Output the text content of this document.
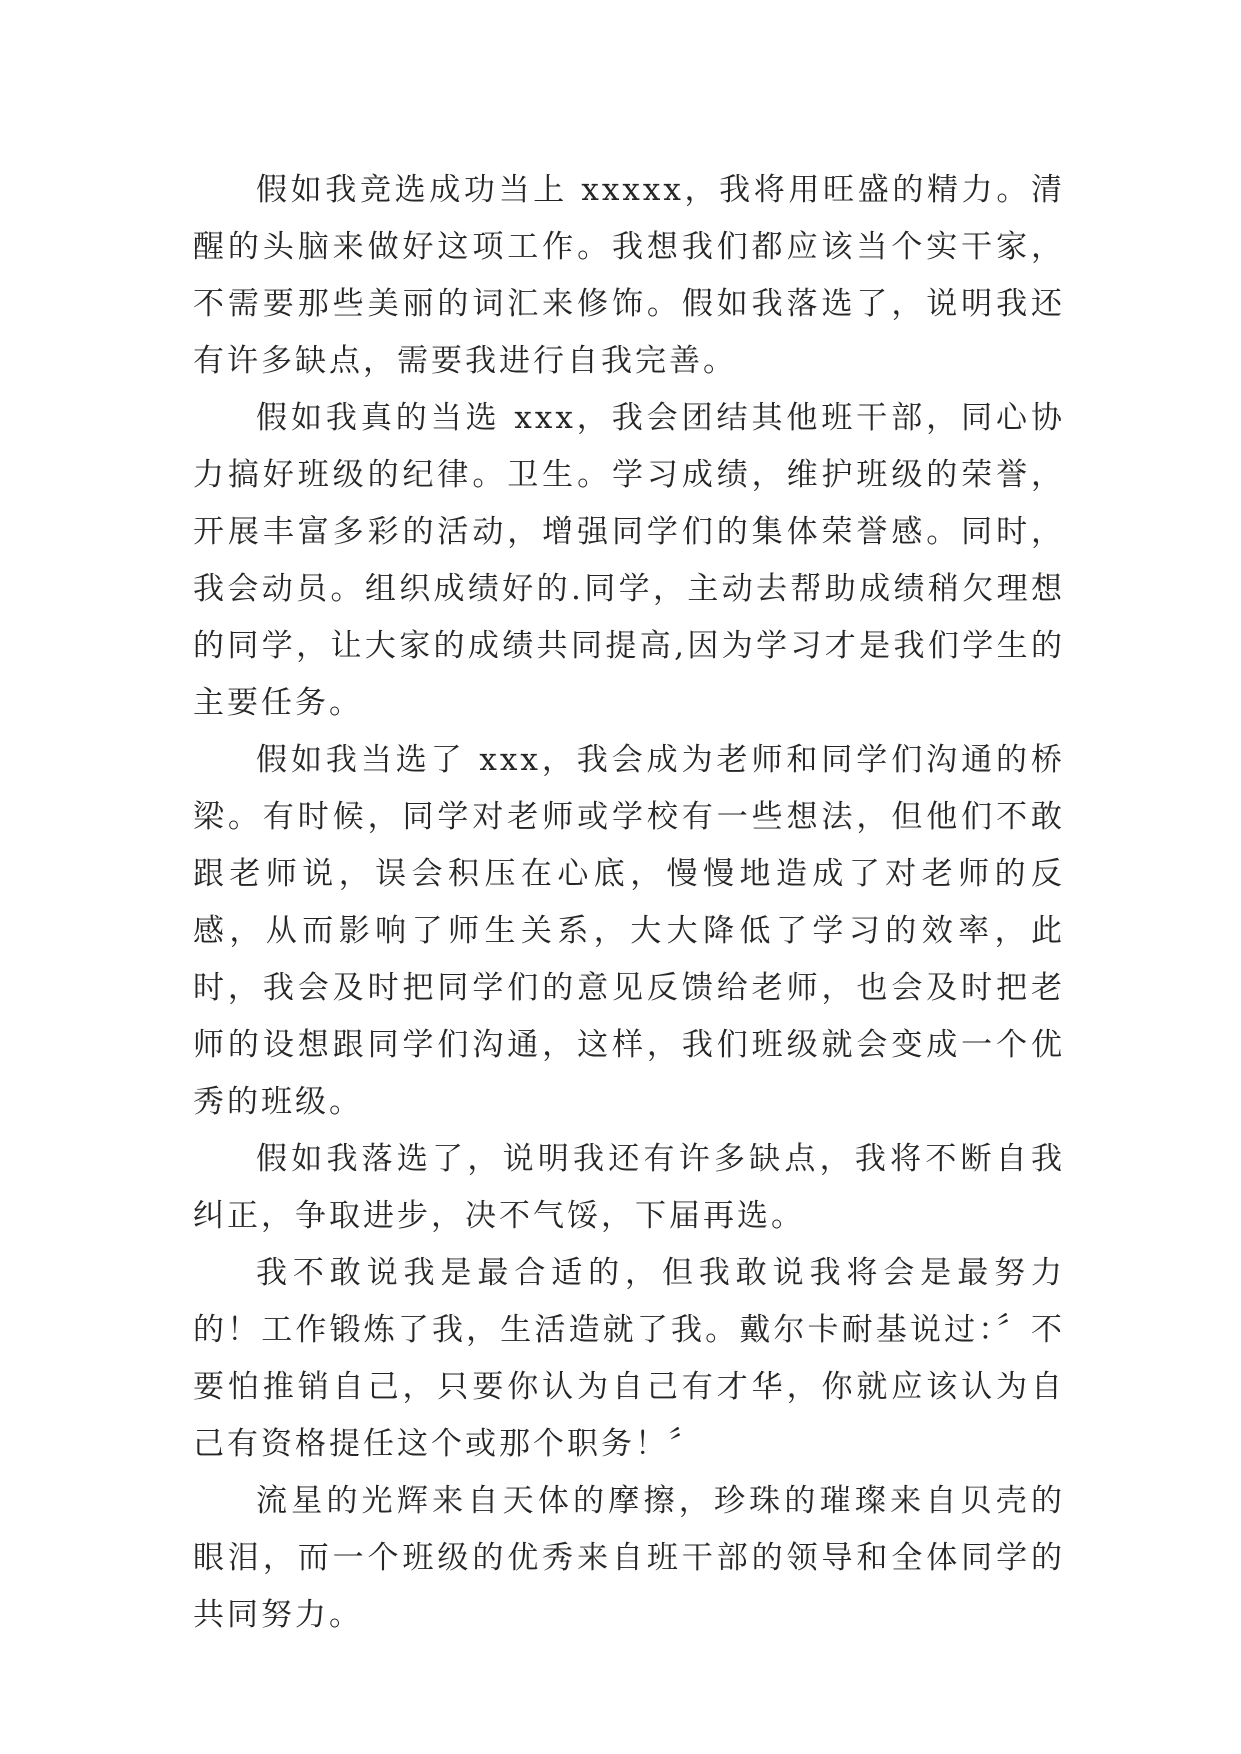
假如我竞选成功当上 xxxxx，我将用旺盛的精力。清醒的头脑来做好这项工作。我想我们都应该当个实干家，不需要那些美丽的词汇来修饰。假如我落选了，说明我还有许多缺点，需要我进行自我完善。

假如我真的当选 xxx，我会团结其他班干部，同心协力搞好班级的纪律。卫生。学习成绩，维护班级的荣誉，开展丰富多彩的活动，增强同学们的集体荣誉感。同时，我会动员。组织成绩好的.同学，主动去帮助成绩稍欠理想的同学，让大家的成绩共同提高,因为学习才是我们学生的主要任务。

假如我当选了 xxx，我会成为老师和同学们沟通的桥梁。有时候，同学对老师或学校有一些想法，但他们不敢跟老师说，误会积压在心底，慢慢地造成了对老师的反感，从而影响了师生关系，大大降低了学习的效率，此时，我会及时把同学们的意见反馈给老师，也会及时把老师的设想跟同学们沟通，这样，我们班级就会变成一个优秀的班级。

假如我落选了，说明我还有许多缺点，我将不断自我纠正，争取进步，决不气馁，下届再选。

我不敢说我是最合适的，但我敢说我将会是最努力的！工作锻炼了我，生活造就了我。戴尔卡耐基说过：〞不要怕推销自己，只要你认为自己有才华，你就应该认为自己有资格提任这个或那个职务！〞

流星的光辉来自天体的摩擦，珍珠的璀璨来自贝壳的眼泪，而一个班级的优秀来自班干部的领导和全体同学的共同努力。
